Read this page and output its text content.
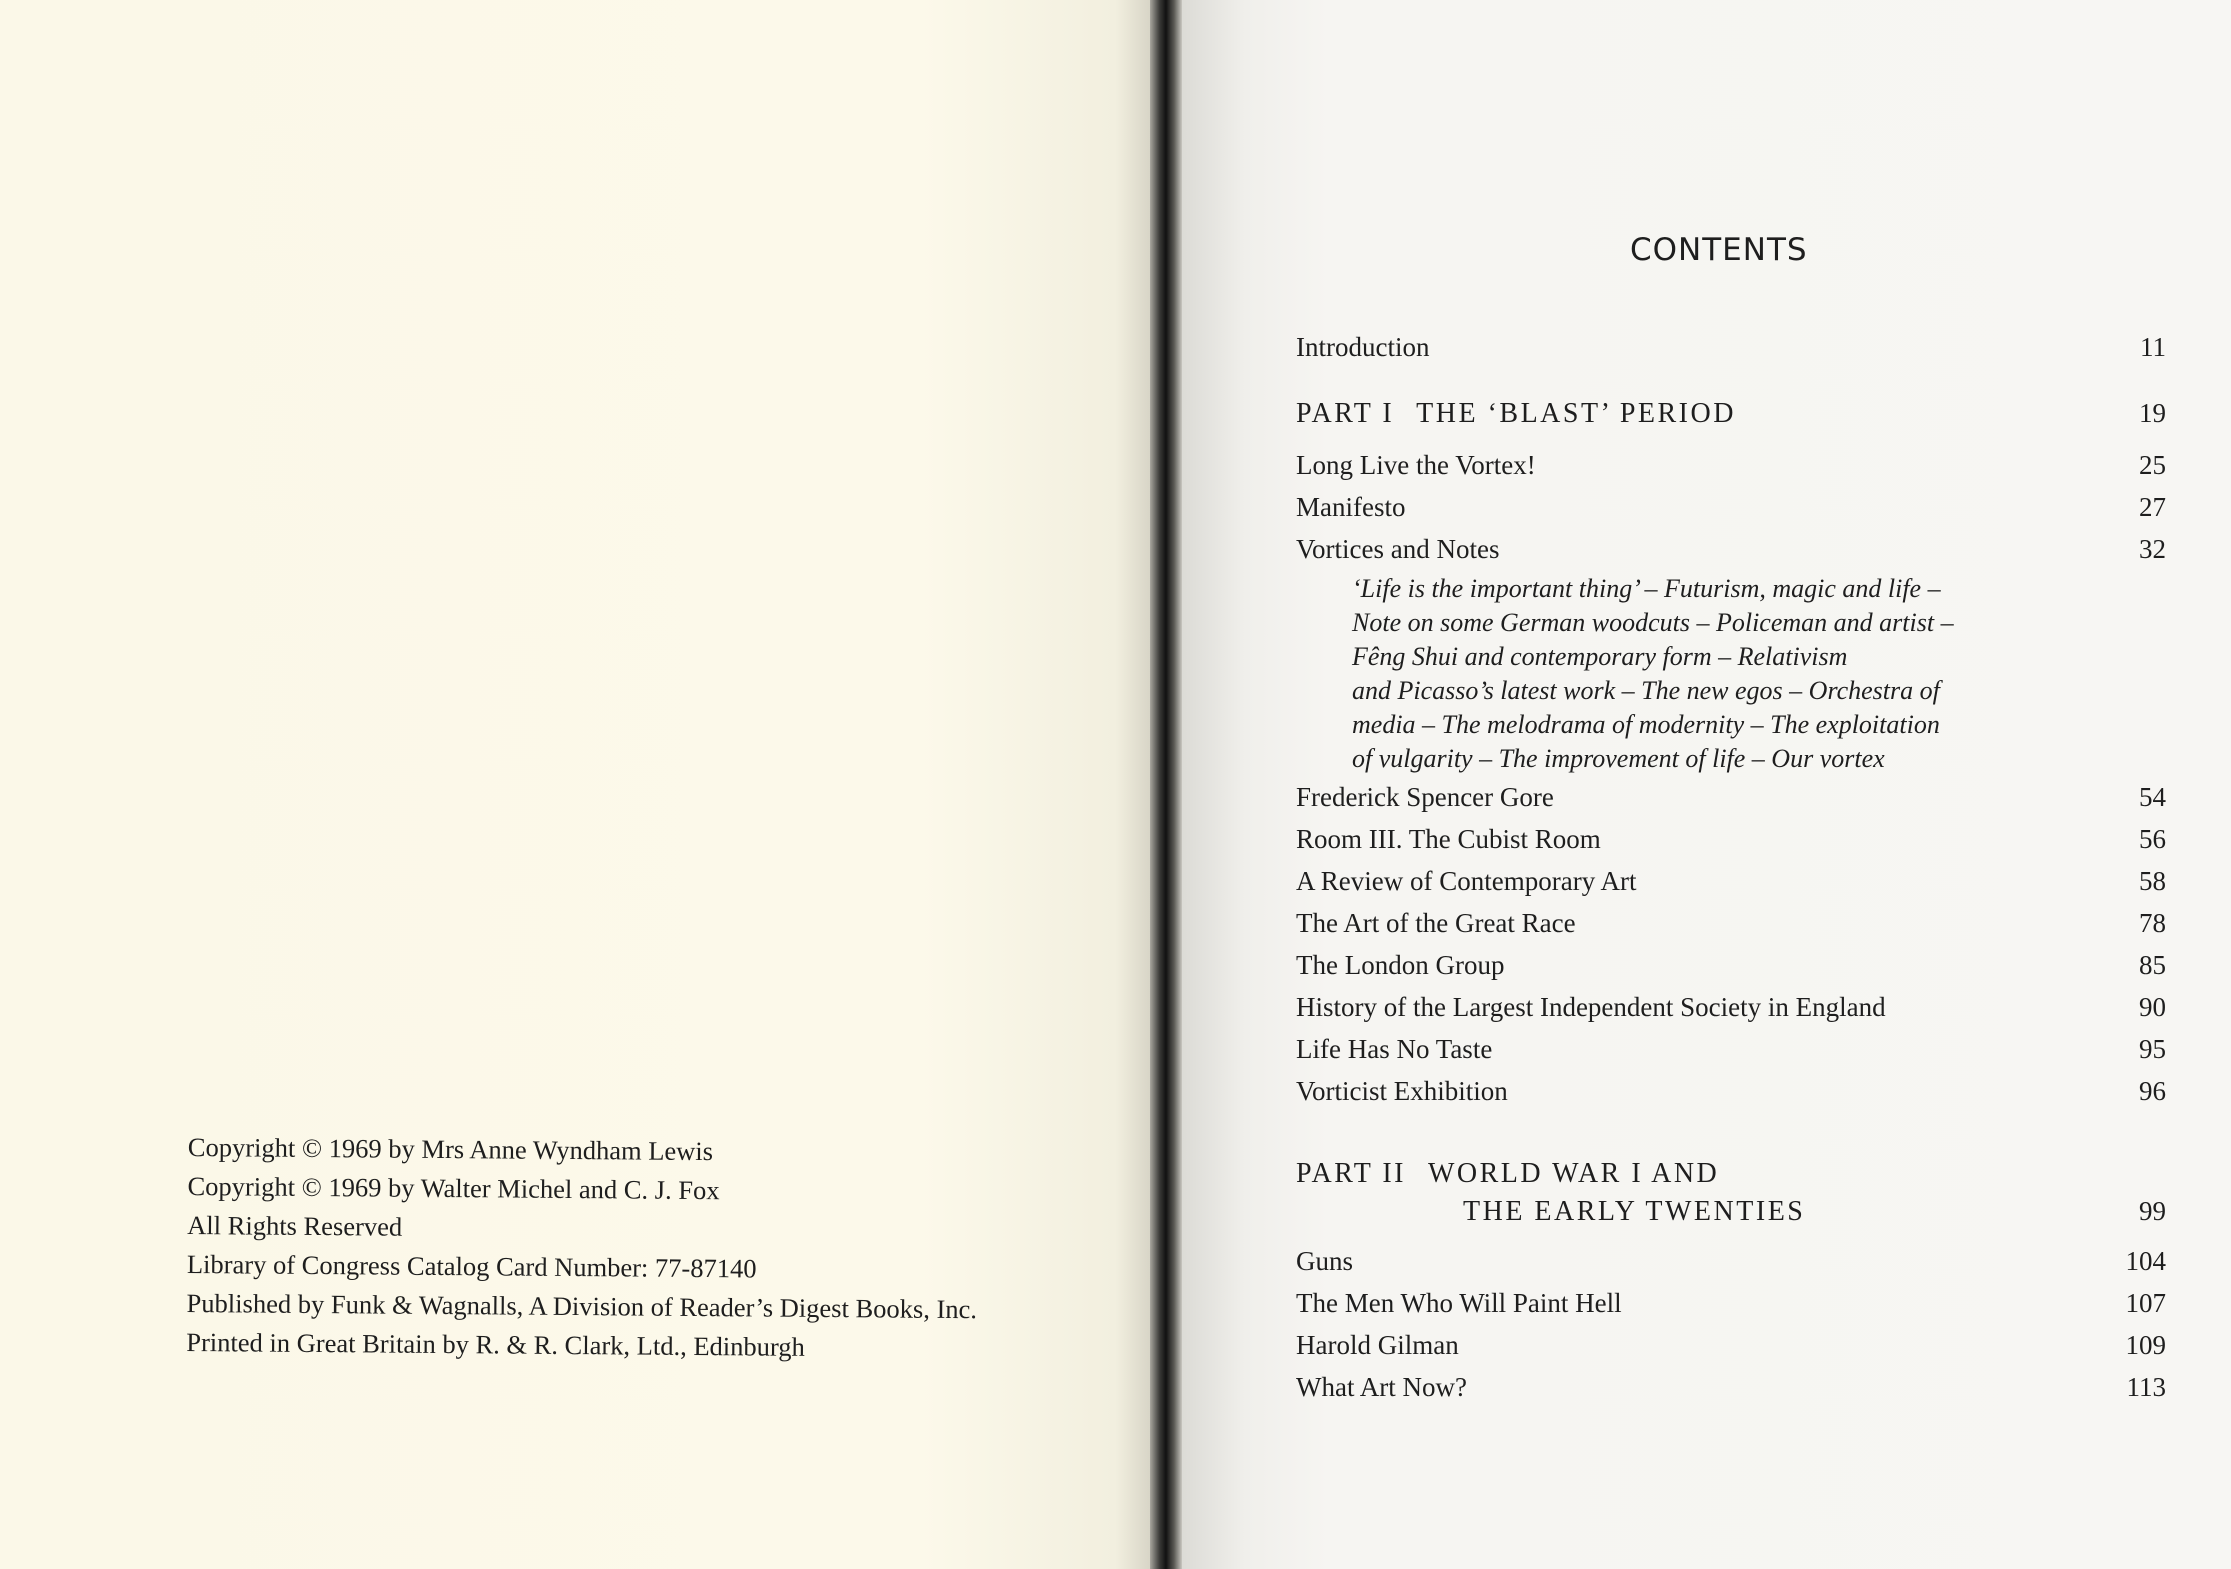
Copyright © 1969 by Mrs Anne Wyndham Lewis
Copyright © 1969 by Walter Michel and C. J. Fox
All Rights Reserved
Library of Congress Catalog Card Number: 77-87140
Published by Funk & Wagnalls, A Division of Reader’s Digest Books, Inc.
Printed in Great Britain by R. & R. Clark, Ltd., Edinburgh
CONTENTS
Introduction	11
PART I THE ‘BLAST’ PERIOD	19
Long Live the Vortex!	25
Manifesto	27
Vortices and Notes	32
‘Life is the important thing’ – Futurism, magic and life –
Note on some German woodcuts – Policeman and artist –
Fêng Shui and contemporary form – Relativism
and Picasso’s latest work – The new egos – Orchestra of
media – The melodrama of modernity – The exploitation
of vulgarity – The improvement of life – Our vortex
Frederick Spencer Gore	54
Room III. The Cubist Room	56
A Review of Contemporary Art	58
The Art of the Great Race	78
The London Group	85
History of the Largest Independent Society in England	90
Life Has No Taste	95
Vorticist Exhibition	96
PART II WORLD WAR I AND
THE EARLY TWENTIES	99
Guns	104
The Men Who Will Paint Hell	107
Harold Gilman	109
What Art Now?	113
